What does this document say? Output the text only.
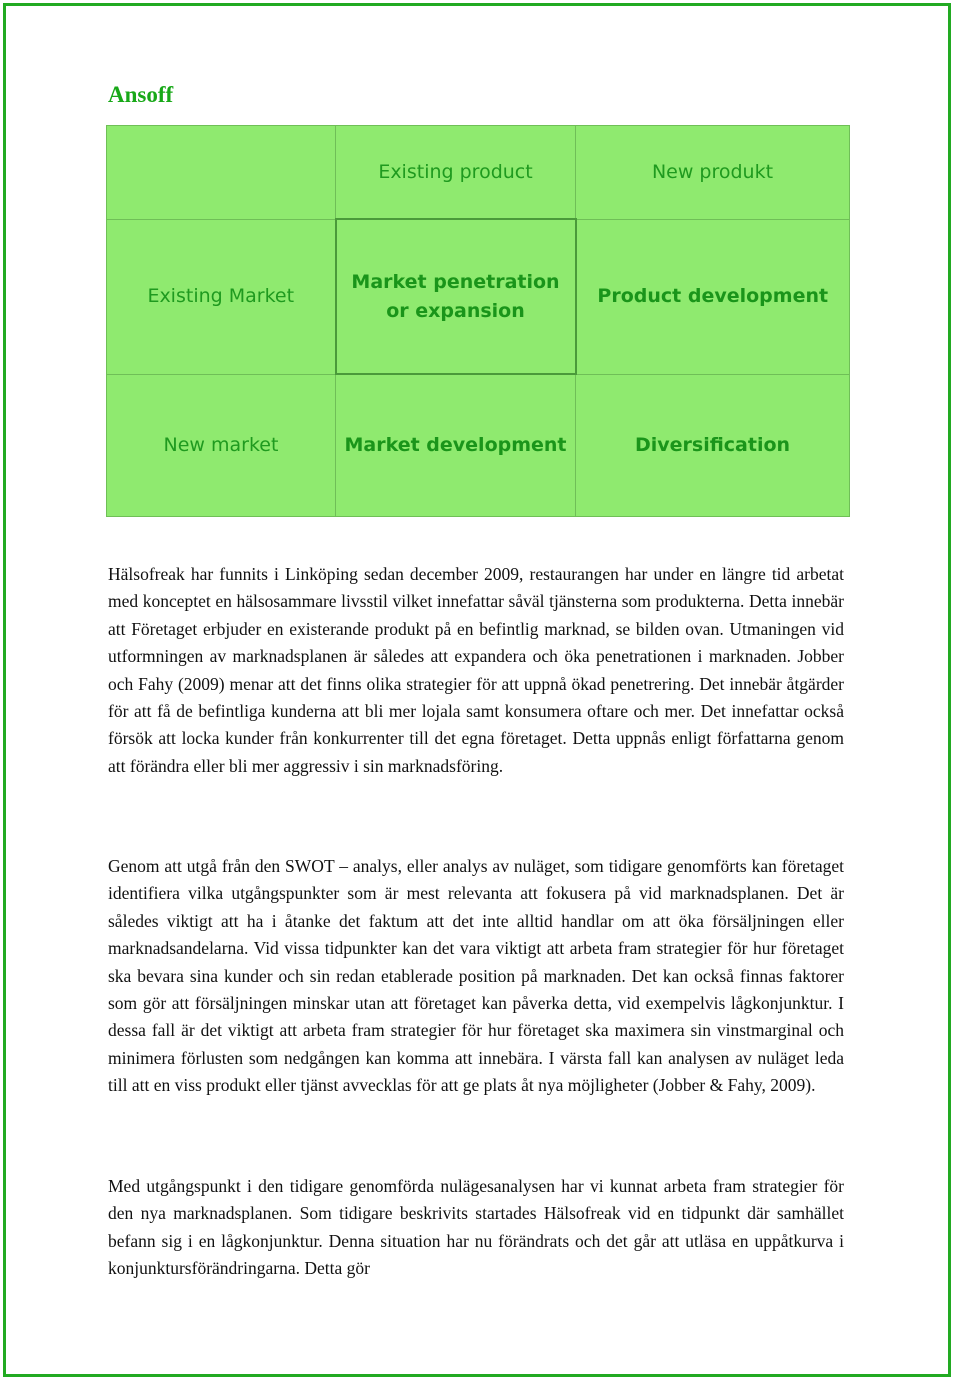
Ansoff
	Existing product	New produkt
Existing Market	Market penetration or expansion	Product development
New market	Market development	Diversification

Hälsofreak har funnits i Linköping sedan december 2009, restaurangen har under en längre tid arbetat med konceptet en hälsosammare livsstil vilket innefattar såväl tjänsterna som produkterna. Detta innebär att Företaget erbjuder en existerande produkt på en befintlig marknad, se bilden ovan. Utmaningen vid utformningen av marknadsplanen är således att expandera och öka penetrationen i marknaden. Jobber och Fahy (2009) menar att det finns olika strategier för att uppnå ökad penetrering. Det innebär åtgärder för att få de befintliga kunderna att bli mer lojala samt konsumera oftare och mer. Det innefattar också försök att locka kunder från konkurrenter till det egna företaget. Detta uppnås enligt författarna genom att förändra eller bli mer aggressiv i sin marknadsföring.

Genom att utgå från den SWOT – analys, eller analys av nuläget, som tidigare genomförts kan företaget identifiera vilka utgångspunkter som är mest relevanta att fokusera på vid marknadsplanen. Det är således viktigt att ha i åtanke det faktum att det inte alltid handlar om att öka försäljningen eller marknadsandelarna. Vid vissa tidpunkter kan det vara viktigt att arbeta fram strategier för hur företaget ska bevara sina kunder och sin redan etablerade position på marknaden. Det kan också finnas faktorer som gör att försäljningen minskar utan att företaget kan påverka detta, vid exempelvis lågkonjunktur. I dessa fall är det viktigt att arbeta fram strategier för hur företaget ska maximera sin vinstmarginal och minimera förlusten som nedgången kan komma att innebära. I värsta fall kan analysen av nuläget leda till att en viss produkt eller tjänst avvecklas för att ge plats åt nya möjligheter (Jobber & Fahy, 2009).

Med utgångspunkt i den tidigare genomförda nulägesanalysen har vi kunnat arbeta fram strategier för den nya marknadsplanen. Som tidigare beskrivits startades Hälsofreak vid en tidpunkt där samhället befann sig i en lågkonjunktur. Denna situation har nu förändrats och det går att utläsa en uppåtkurva i konjunktursförändringarna. Detta gör
